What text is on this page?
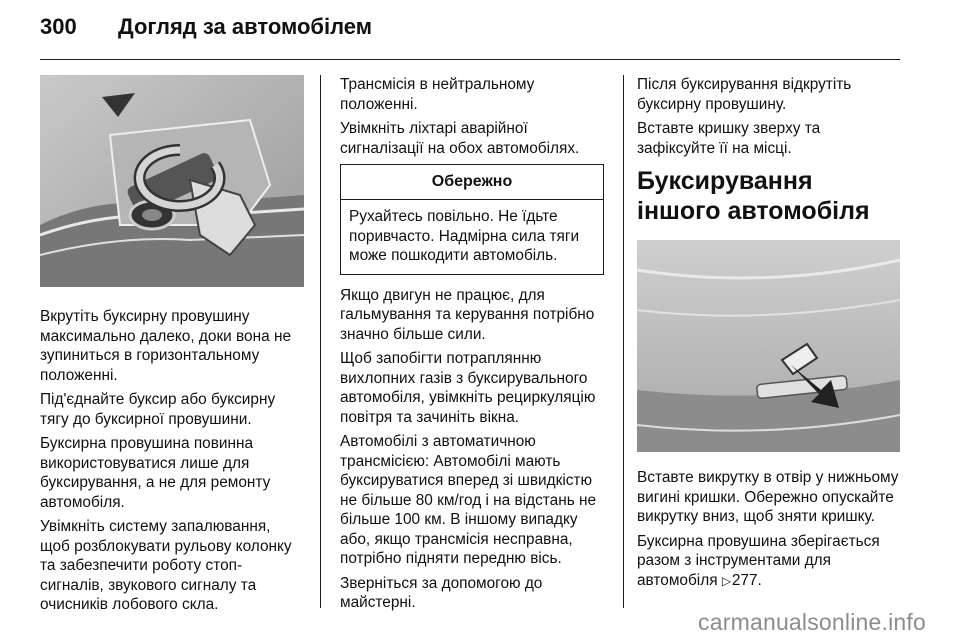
300	Догляд за автомобілем

Вкрутіть буксирну провушину максимально далеко, доки вона не зупиниться в горизонтальному положенні.

Під'єднайте буксир або буксирну тягу до буксирної провушини.

Буксирна провушина повинна використовуватися лише для буксирування, а не для ремонту автомобіля.

Увімкніть систему запалювання, щоб розблокувати рульову колонку та забезпечити роботу стоп-сигналів, звукового сигналу та очисників лобового скла.

Трансмісія в нейтральному положенні.

Увімкніть ліхтарі аварійної сигналізації на обох автомобілях.

Обережно
Рухайтесь повільно. Не їдьте поривчасто. Надмірна сила тяги може пошкодити автомобіль.

Якщо двигун не працює, для гальмування та керування потрібно значно більше сили.

Щоб запобігти потраплянню вихлопних газів з буксирувального автомобіля, увімкніть рециркуляцію повітря та зачиніть вікна.

Автомобілі з автоматичною трансмісією: Автомобілі мають буксируватися вперед зі швидкістю не більше 80 км/год і на відстань не більше 100 км. В іншому випадку або, якщо трансмісія несправна, потрібно підняти передню вісь.

Зверніться за допомогою до майстерні.

Після буксирування відкрутіть буксирну провушину.

Вставте кришку зверху та зафіксуйте її на місці.

Буксирування іншого автомобіля

Вставте викрутку в отвір у нижньому вигині кришки. Обережно опускайте викрутку вниз, щоб зняти кришку.

Буксирна провушина зберігається разом з інструментами для автомобіля ▷277.

carmanualsonline.info
